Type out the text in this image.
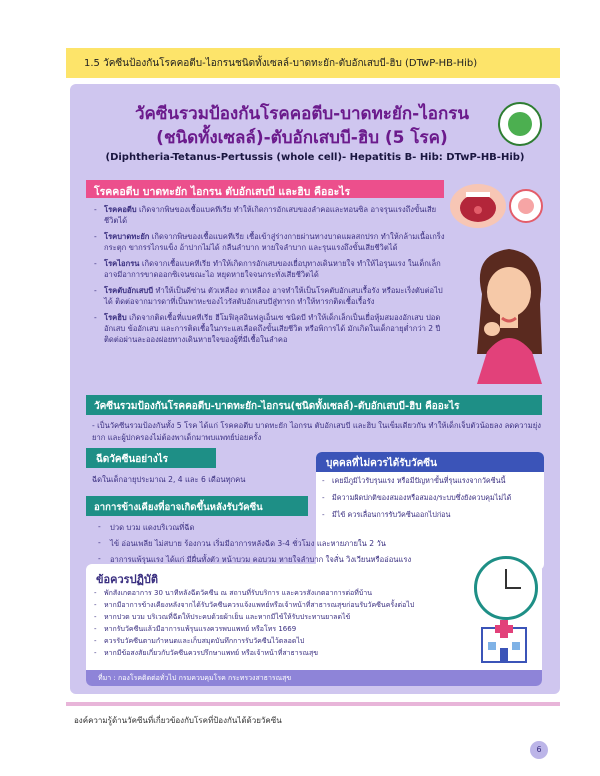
1.5 วัคซีนป้องกันโรคคอตีบ-ไอกรนชนิดทั้งเซลล์-บาดทะยัก-ตับอักเสบบี-ฮิบ (DTwP-HB-Hib)
วัคซีนรวมป้องกันโรคคอตีบ-บาดทะยัก-ไอกรน
(ชนิดทั้งเซลล์)-ตับอักเสบบี-ฮิบ (5 โรค)
(Diphtheria-Tetanus-Pertussis (whole cell)- Hepatitis B- Hib: DTwP-HB-Hib)
โรคคอตีบ บาดทะยัก ไอกรน ตับอักเสบบี และฮิบ คืออะไร
- โรคคอตีบ เกิดจากพิษของเชื้อแบคทีเรีย ทำให้เกิดการอักเสบของลำคอและทอนซิล อาจรุนแรงถึงขั้นเสียชีวิตได้
- โรคบาดทะยัก เกิดจากพิษของเชื้อแบคทีเรีย เชื้อเข้าสู่ร่างกายผ่านทางบาดแผลสกปรก ทำให้กล้ามเนื้อเกร็งกระตุก ขากรรไกรแข็ง อ้าปากไม่ได้ กลืนลำบาก หายใจลำบาก และรุนแรงถึงขั้นเสียชีวิตได้
- โรคไอกรน เกิดจากเชื้อแบคทีเรีย ทำให้เกิดการอักเสบของเยื่อบุทางเดินหายใจ ทำให้ไอรุนแรง ในเด็กเล็กอาจมีอาการขาดออกซิเจนขณะไอ หยุดหายใจจนกระทั่งเสียชีวิตได้
- โรคตับอักเสบบี ทำให้เป็นดีซ่าน ตัวเหลือง ตาเหลือง อาจทำให้เป็นโรคตับอักเสบเรื้อรัง หรือมะเร็งตับต่อไปได้ ติดต่อจากมารดาที่เป็นพาหะของไวรัสตับอักเสบบีสู่ทารก ทำให้ทารกติดเชื้อเรื้อรัง
- โรคฮิบ เกิดจากติดเชื้อที่แบคทีเรีย ฮีโมฟิลุสอินฟลูเอ็นเซ ชนิดบี ทำให้เด็กเล็กเป็นเยื่อหุ้มสมองอักเสบ ปอดอักเสบ ข้ออักเสบ และการติดเชื้อในกระแสเลือดถึงขั้นเสียชีวิต หรือพิการได้ มักเกิดในเด็กอายุต่ำกว่า 2 ปี ติดต่อผ่านละอองฝอยทางเดินหายใจของผู้ที่มีเชื้อในลำคอ
วัคซีนรวมป้องกันโรคคอตีบ-บาดทะยัก-ไอกรน(ชนิดทั้งเซลล์)-ตับอักเสบบี-ฮิบ คืออะไร
- เป็นวัคซีนรวมป้องกันทั้ง 5 โรค ได้แก่ โรคคอตีบ บาดทะยัก ไอกรน ตับอักเสบบี และฮิบ ในเข็มเดียวกัน ทำให้เด็กเจ็บตัวน้อยลง ลดความยุ่งยาก และผู้ปกครองไม่ต้องพาเด็กมาพบแพทย์บ่อยครั้ง
ฉีดวัคซีนอย่างไร
ฉีดในเด็กอายุประมาณ 2, 4 และ 6 เดือนทุกคน
บุคคลที่ไม่ควรได้รับวัคซีน
- เคยมีภูมิไวรับรุนแรง หรือมีปัญหาขั้นที่รุนแรงจากวัคซีนนี้
- มีความผิดปกติของสมองหรือสมอง/ระบบซึ่งยังควบคุมไม่ได้
- มีไข้ ควรเลื่อนการรับวัคซีนออกไปก่อน
อาการข้างเคียงที่อาจเกิดขึ้นหลังรับวัคซีน
- ปวด บวม แดงบริเวณที่ฉีด
- ไข้ อ่อนเพลีย ไม่สบาย ร้องกวน เริ่มมีอาการหลังฉีด 3-4 ชั่วโมง และหายภายใน 2 วัน
- อาการแพ้รุนแรง ได้แก่ มีผื่นทั้งตัว หน้าบวม คอบวม หายใจลำบาก ใจสั่น วิงเวียนหรืออ่อนแรง
ข้อควรปฏิบัติ
- พักสังเกตอาการ 30 นาทีหลังฉีดวัคซีน ณ สถานที่รับบริการ และควรสังเกตอาการต่อที่บ้าน
- หากมีอาการข้างเคียงหลังจากได้รับวัคซีนควรแจ้งแพทย์หรือเจ้าหน้าที่สาธารณสุขก่อนรับวัคซีนครั้งต่อไป
- หากปวด บวม บริเวณที่ฉีดให้ประคบด้วยผ้าเย็น และหากมีไข้ให้รับประทานยาลดไข้
- หากรับวัคซีนแล้วมีอาการแพ้รุนแรงควรพบแพทย์ หรือโทร 1669
- ควรรับวัคซีนตามกำหนดและเก็บสมุดบันทึกการรับวัคซีนไว้ตลอดไป
- หากมีข้อสงสัยเกี่ยวกับวัคซีนควรปรึกษาแพทย์ หรือเจ้าหน้าที่สาธารณสุข
ที่มา : กองโรคติดต่อทั่วไป กรมควบคุมโรค กระทรวงสาธารณสุข
องค์ความรู้ด้านวัคซีนที่เกี่ยวข้องกับโรคที่ป้องกันได้ด้วยวัคซีน
6
